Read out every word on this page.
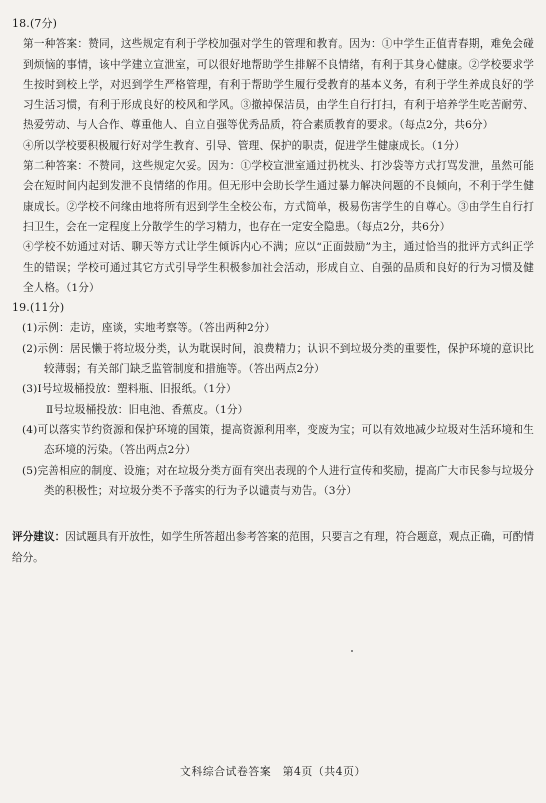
18.(7分)

第一种答案：赞同，这些规定有利于学校加强对学生的管理和教育。因为：①中学生正值青春期，难免会碰到烦恼的事情，该中学建立宣泄室，可以很好地帮助学生排解不良情绪，有利于其身心健康。②学校要求学生按时到校上学，对迟到学生严格管理，有利于帮助学生履行受教育的基本义务，有利于学生养成良好的学习生活习惯，有利于形成良好的校风和学风。③撤掉保洁员，由学生自行打扫，有利于培养学生吃苦耐劳、热爱劳动、与人合作、尊重他人、自立自强等优秀品质，符合素质教育的要求。（每点2分，共6分）

④所以学校要积极履行好对学生教育、引导、管理、保护的职责，促进学生健康成长。（1分）

第二种答案：不赞同，这些规定欠妥。因为：①学校宣泄室通过扔枕头、打沙袋等方式打骂发泄，虽然可能会在短时间内起到发泄不良情绪的作用。但无形中会助长学生通过暴力解决问题的不良倾向，不利于学生健康成长。②学校不问缘由地将所有迟到学生全校公布，方式简单，极易伤害学生的自尊心。③由学生自行打扫卫生，会在一定程度上分散学生的学习精力，也存在一定安全隐患。（每点2分，共6分）

④学校不妨通过对话、聊天等方式让学生倾诉内心不满；应以“正面鼓励”为主，通过恰当的批评方式纠正学生的错误；学校可通过其它方式引导学生积极参加社会活动，形成自立、自强的品质和良好的行为习惯及健全人格。（1分）

19.(11分)

(1)示例：走访，座谈，实地考察等。（答出两种2分）

(2)示例：居民懒于将垃圾分类，认为耽误时间，浪费精力；认识不到垃圾分类的重要性，保护环境的意识比较薄弱；有关部门缺乏监管制度和措施等。（答出两点2分）

(3)Ⅰ号垃圾桶投放：塑料瓶、旧报纸。（1分）

Ⅱ号垃圾桶投放：旧电池、香蕉皮。（1分）

(4)可以落实节约资源和保护环境的国策，提高资源利用率，变废为宝；可以有效地减少垃圾对生活环境和生态环境的污染。（答出两点2分）

(5)完善相应的制度、设施；对在垃圾分类方面有突出表现的个人进行宣传和奖励，提高广大市民参与垃圾分类的积极性；对垃圾分类不予落实的行为予以谴责与劝告。（3分）

评分建议：因试题具有开放性，如学生所答超出参考答案的范围，只要言之有理，符合题意，观点正确，可酌情给分。
文科综合试卷答案　第4页（共4页）
